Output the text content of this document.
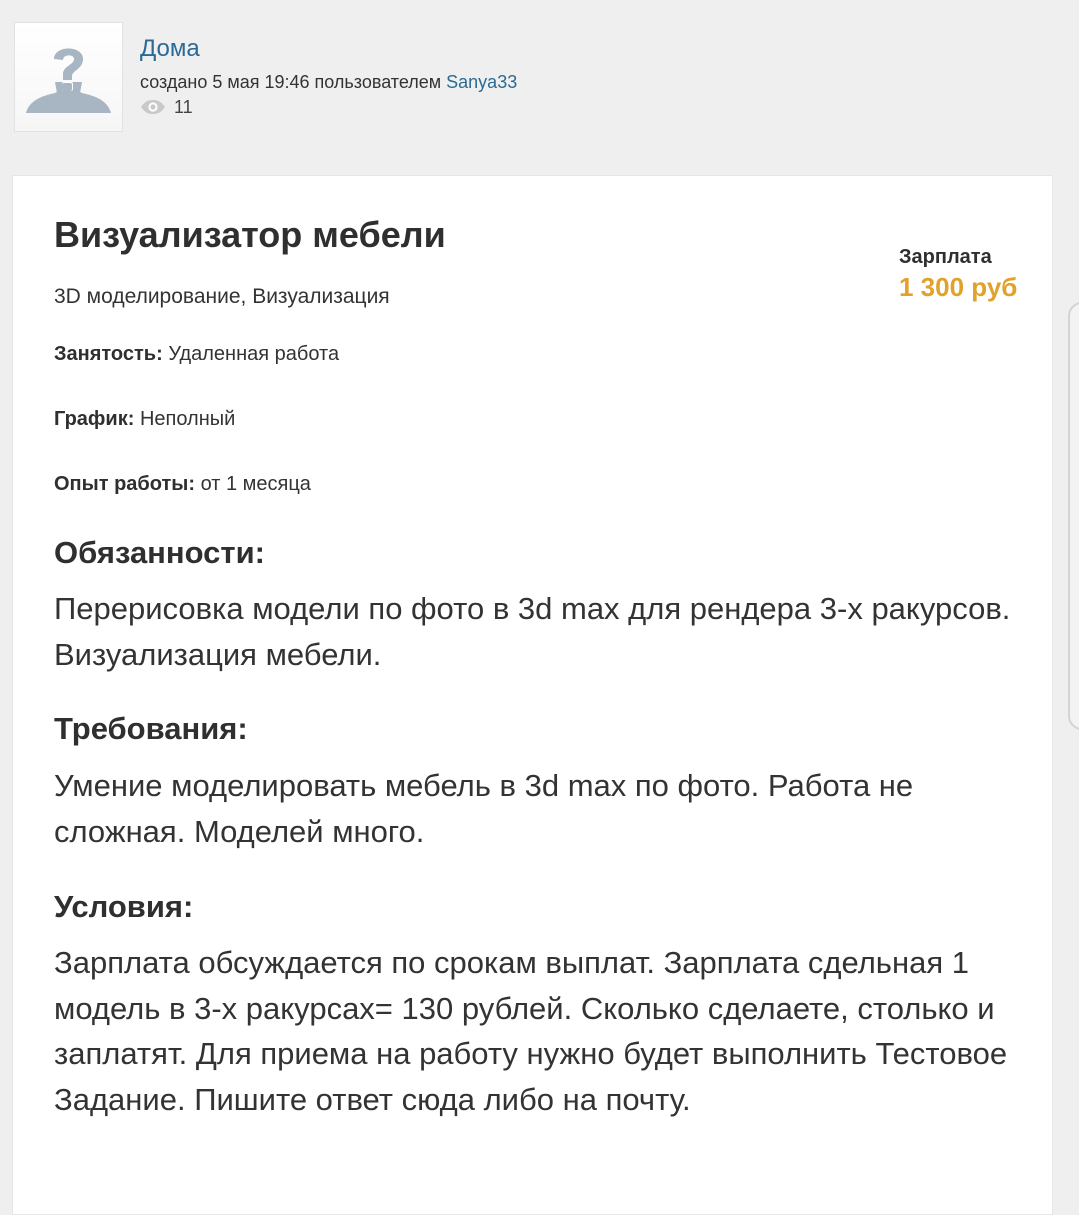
Дома
создано 5 мая 19:46 пользователем Sanya33
11
Визуализатор мебели
Зарплата
1 300 руб
3D моделирование, Визуализация
Занятость: Удаленная работа
График: Неполный
Опыт работы: от 1 месяца
Обязанности:

Перерисовка модели по фото в 3d max для рендера 3-х ракурсов. Визуализация мебели.

Требования:

Умение моделировать мебель в 3d max по фото. Работа не сложная. Моделей много.

Условия:

Зарплата обсуждается по срокам выплат. Зарплата сдельная 1 модель в 3-х ракурсах= 130 рублей. Сколько сделаете, столько и заплатят. Для приема на работу нужно будет выполнить Тестовое Задание. Пишите ответ сюда либо на почту.
